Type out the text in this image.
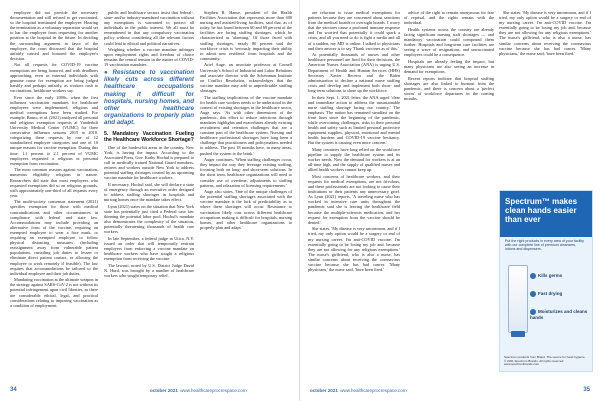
employee did not provide the necessary documentation and still refused to get vaccinated, so the hospital terminated the employee. Hearing the termination as a voluntary separation would set to bar the employee from requesting for another position at the hospital in the future. In deciding the surrounding argument in favor of the employee, the court discussed that the hospital unfairly caused and honored the employee's decision.

Not all requests for COVID-19 vaccine exemptions are being honored, and with deadlines approaching, even as external individuals with genuine cause for exemption are being judged harshly and perhaps unfairly, as workers rush to vaccinations, healthcare workers say.

Ever since the early 2000s, when the first influenza vaccination mandates for healthcare employees were implemented, religious and medical exemptions have been studied. For example, Bruno, et al. (2021) analyzed all personal and religious exemption requests at Vanderbilt University Medical Center (VUMC) for three consecutive influenza seasons 2015 to 2018, categorizing these requests by one of 12 standardized employee categories and one of 10 unique reasons for vaccine exemption. During this time, 1.1 percent to 2.1 percent of VUMC employees requested a religious or personal exemption from vaccination.

The most common reasons against vaccination, numerous eligibility religions in nature. Researchers did state that most employees who requested exemptions did so on religious grounds, with approximately one-third of all requests every year.

The multi-society consensus statement (2021) specifies exemption for those with medical contraindications and other circumstances in compliance with federal and state law. Accommodations may include providing an alternative form of the vaccine, requiring an exempted employee to wear a face mask, or requiring an exempted employee to follow physical distancing measures (including reassignment away from vulnerable patient populations, curtailing job duties to lessen or eliminate direct patient contact, or allowing the employee to work remotely if feasible). The law requires that accommodations be tailored to the individual employee and their job duties.

Mandating vaccination at the ultimate weapon in the strategy against SARS-CoV-2 is not without its potential infringement upon civil liberties, as there are considerable ethical, legal, and practical considerations relating to imposing vaccination as a condition of employment.

public and healthcare sectors insist that federal-, state- and/or industry-mandated vaccination without any exemptions is warranted to protect all individuals in the public interest. We all must be remembered in that any compulsory vaccination policy without considering all the relevant factors could lead to ethical and political narratives.

Weighing whether a vaccine mandate infringes upon employment rights and freedom of choice remains the central tension in the matter of COVID-19 vaccination mandates.

● Resistance to vaccination likely cuts across different healthcare occupations making it difficult for hospitals, nursing homes, and other healthcare organizations to properly plan and adapt.

5. Mandatory Vaccination Fueling the Healthcare Workforce Shortage?

One of the hardest-hit areas in the country, New York, is having the impact. According to the Associated Press, Gov. Kathy Hochul is prepared to call in medically trained National Guard members, retirees and workers outside New York to address potential staffing shortages created by an upcoming vaccine mandate for healthcare workers.

If necessary, Hochul said, she will declare a state of emergency through an executive order designed to address staffing shortages in hospitals and nursing homes once the mandate takes effect.

Lynn (2021) states on the situation that New York state has potentially just cited a Federal case law thinning the potential labor pool. Hochul's mandate also demonstrates the complexity of the situation, potentially threatening thousands of health care workers.

In late September, a federal judge in Utica, N.Y. issued an order that will temporarily restrain employers from enforcing a vaccine mandate on healthcare workers who have sought a religious exemption from receiving the vaccine.

The lawsuit, noted by U.S. District Judge David N. Hurd, was brought by a number of healthcare workers who sought temporary relief.

Stephen R. Hanse, president of the Health Facilities Association that represents more than 400 nursing and assisted-living facilities, said that, as of today, he has found between 60 and 69 percent of the facilities are facing staffing shortages, which he characterized as 'alarming.' Of those faced with staffing shortages, nearly 80 percent said the workforce crisis is 'seriously impacting their ability to admit new residents' from hospitals and the community.

Ariel Auge, an associate professor at Cornell University's School of Industrial and Labor Relations and associate director with the Scheinman Institute on Conflict Resolution, acknowledges that the vaccine mandate may add to unpredictable staffing shortages.

The staffing implications of the vaccine mandate for health care workers needs to be understood in the context of existing shortages in the healthcare sector, Auge says. 'As with other dimensions of the pandemic, this effort to reduce infections through mandates highlights and exacerbates already existing recruitment and retention challenges that are a constant part of the healthcare system. Nursing and healthcare professional shortages have long been a challenge that practitioners and policymakers needed to address. The past 18 months have, in many areas, pushed the system to the brink.'

Auger continues, 'When staffing challenges occur, they impact the way they leverage existing staffing, focusing both on long- and short-term solutions. In the short term, healthcare organizations will need to consider use of overtime, adjustments to staffing patterns, and relaxation of licensing requirements.'

Auge also states, 'One of the unique challenges of the potential staffing shortages associated with the vaccine mandate is the lack of predictability as to where these shortages will occur. Resistance to vaccination likely cuts across different healthcare occupations making it difficult for hospitals, nursing homes, and other healthcare organizations to properly plan and adapt.'

34	october 2021 www.healthcareprocrespace.com

are reluctant to issue medical exemptions for patients because they are concerned about sanctions from the medical boards or oversight boards. I worry that the vaccines cause a profound immune response and I'm worried that potentially it could spark a crisis, and all you need to do is fight a media and all of a sudden, my MD is online. I talked to physicians and their answer is to say 'Thank vaccines as of this.'

At potentially thousands of nurses and other healthcare personnel are fired for their decisions, the American Nurses Association (ANA) is urging U.S. Department of Health and Human Services (HHS) Secretary Xavier Becerra and the Biden administration to declare a national nurse staffing crisis and develop and implement both short- and long-term solutions to shore up the workforce.

In their Sept. 1, 2021 letter, the ANA urged 'clear and immediate action to address the unsustainable nurse staffing shortage facing our country.' The emphasis 'The nation has remained steadfast on the front lines since the beginning of the pandemic, while overcoming challenges, risks to their personal health and safety such as limited personal protective equipment supplies, physical, emotional and mental health burdens and COVID-19 vaccine hesitancy. But the system is causing even more concern.'

Many countries have long relied on the workforce pipeline to supply the healthcare system and its worker needs. Now the demand for workers is at an all-time high, and the supply of qualified nurses and allied health workers cannot keep up.

Most concerns of healthcare workers, and their requests for medical exemptions, are not frivolous, and these professionals are not looking to cause their institutions or their patients any unnecessary grief. As Lynn (2021) reports, 'A traveling nurse who has worked in intensive care units throughout the pandemic said she is leaving the healthcare field because the multiple-sclerosis medication, and her request for exemption from the vaccine should be denied.'

She states, 'My disease is very uncommon, and if I tried, my only option would be a surgery or end of my nursing career. I'm anti-COVID vaccine. I'm essentially going to be losing my job and, because they are not allowing for any religious exemptions.' The nurse's girlfriend, who is also a nurse, has similar concerns about receiving the coronavirus vaccine because she has had cancer. 'Many physicians,' the nurse said, 'have been fired.'

advice of the right to remain anonymous for fear of reprisal, and the rights remain with the individual.

Health systems across the country are already facing significant nursing staff shortages — and mandatory vaccination could compound them further. Hospitals and long-term care facilities are seeing a wave of resignations, and unvaccinated employees could be a consequence.

Hospitals are already feeling the impact, but many physicians are also seeing an increase in demand for exemptions.

Recent reports indicate that hospital staffing shortages are also linked to burnout from the pandemic, and there is concern about a 'perfect storm' of workforce departures in the coming months.

She states, 'My disease is very uncommon, and if I tried, my only option would be a surgery or end of my nursing career. I'm anti-COVID vaccine. I'm essentially going to be losing my job and, because they are not allowing for any religious exemptions.' The nurse's girlfriend, who is also a nurse, has similar concerns about receiving the coronavirus vaccine because she has had cancer. 'Many physicians,' the nurse said, 'have been fired.'

october 2021 www.healthcareprocrespace.com	35
Spectrum™ makes clean hands easier than ever
Put the right products in every area of your facility with our complete line of premium cleansers, lotions and dispensers.
Kills germs
Fast drying
Moisturizes and cleans hands
Spectrum products from Brand. The source for hand hygiene. © 2021 Spectrum Brands. All rights reserved. www.spectrumbrands.com
